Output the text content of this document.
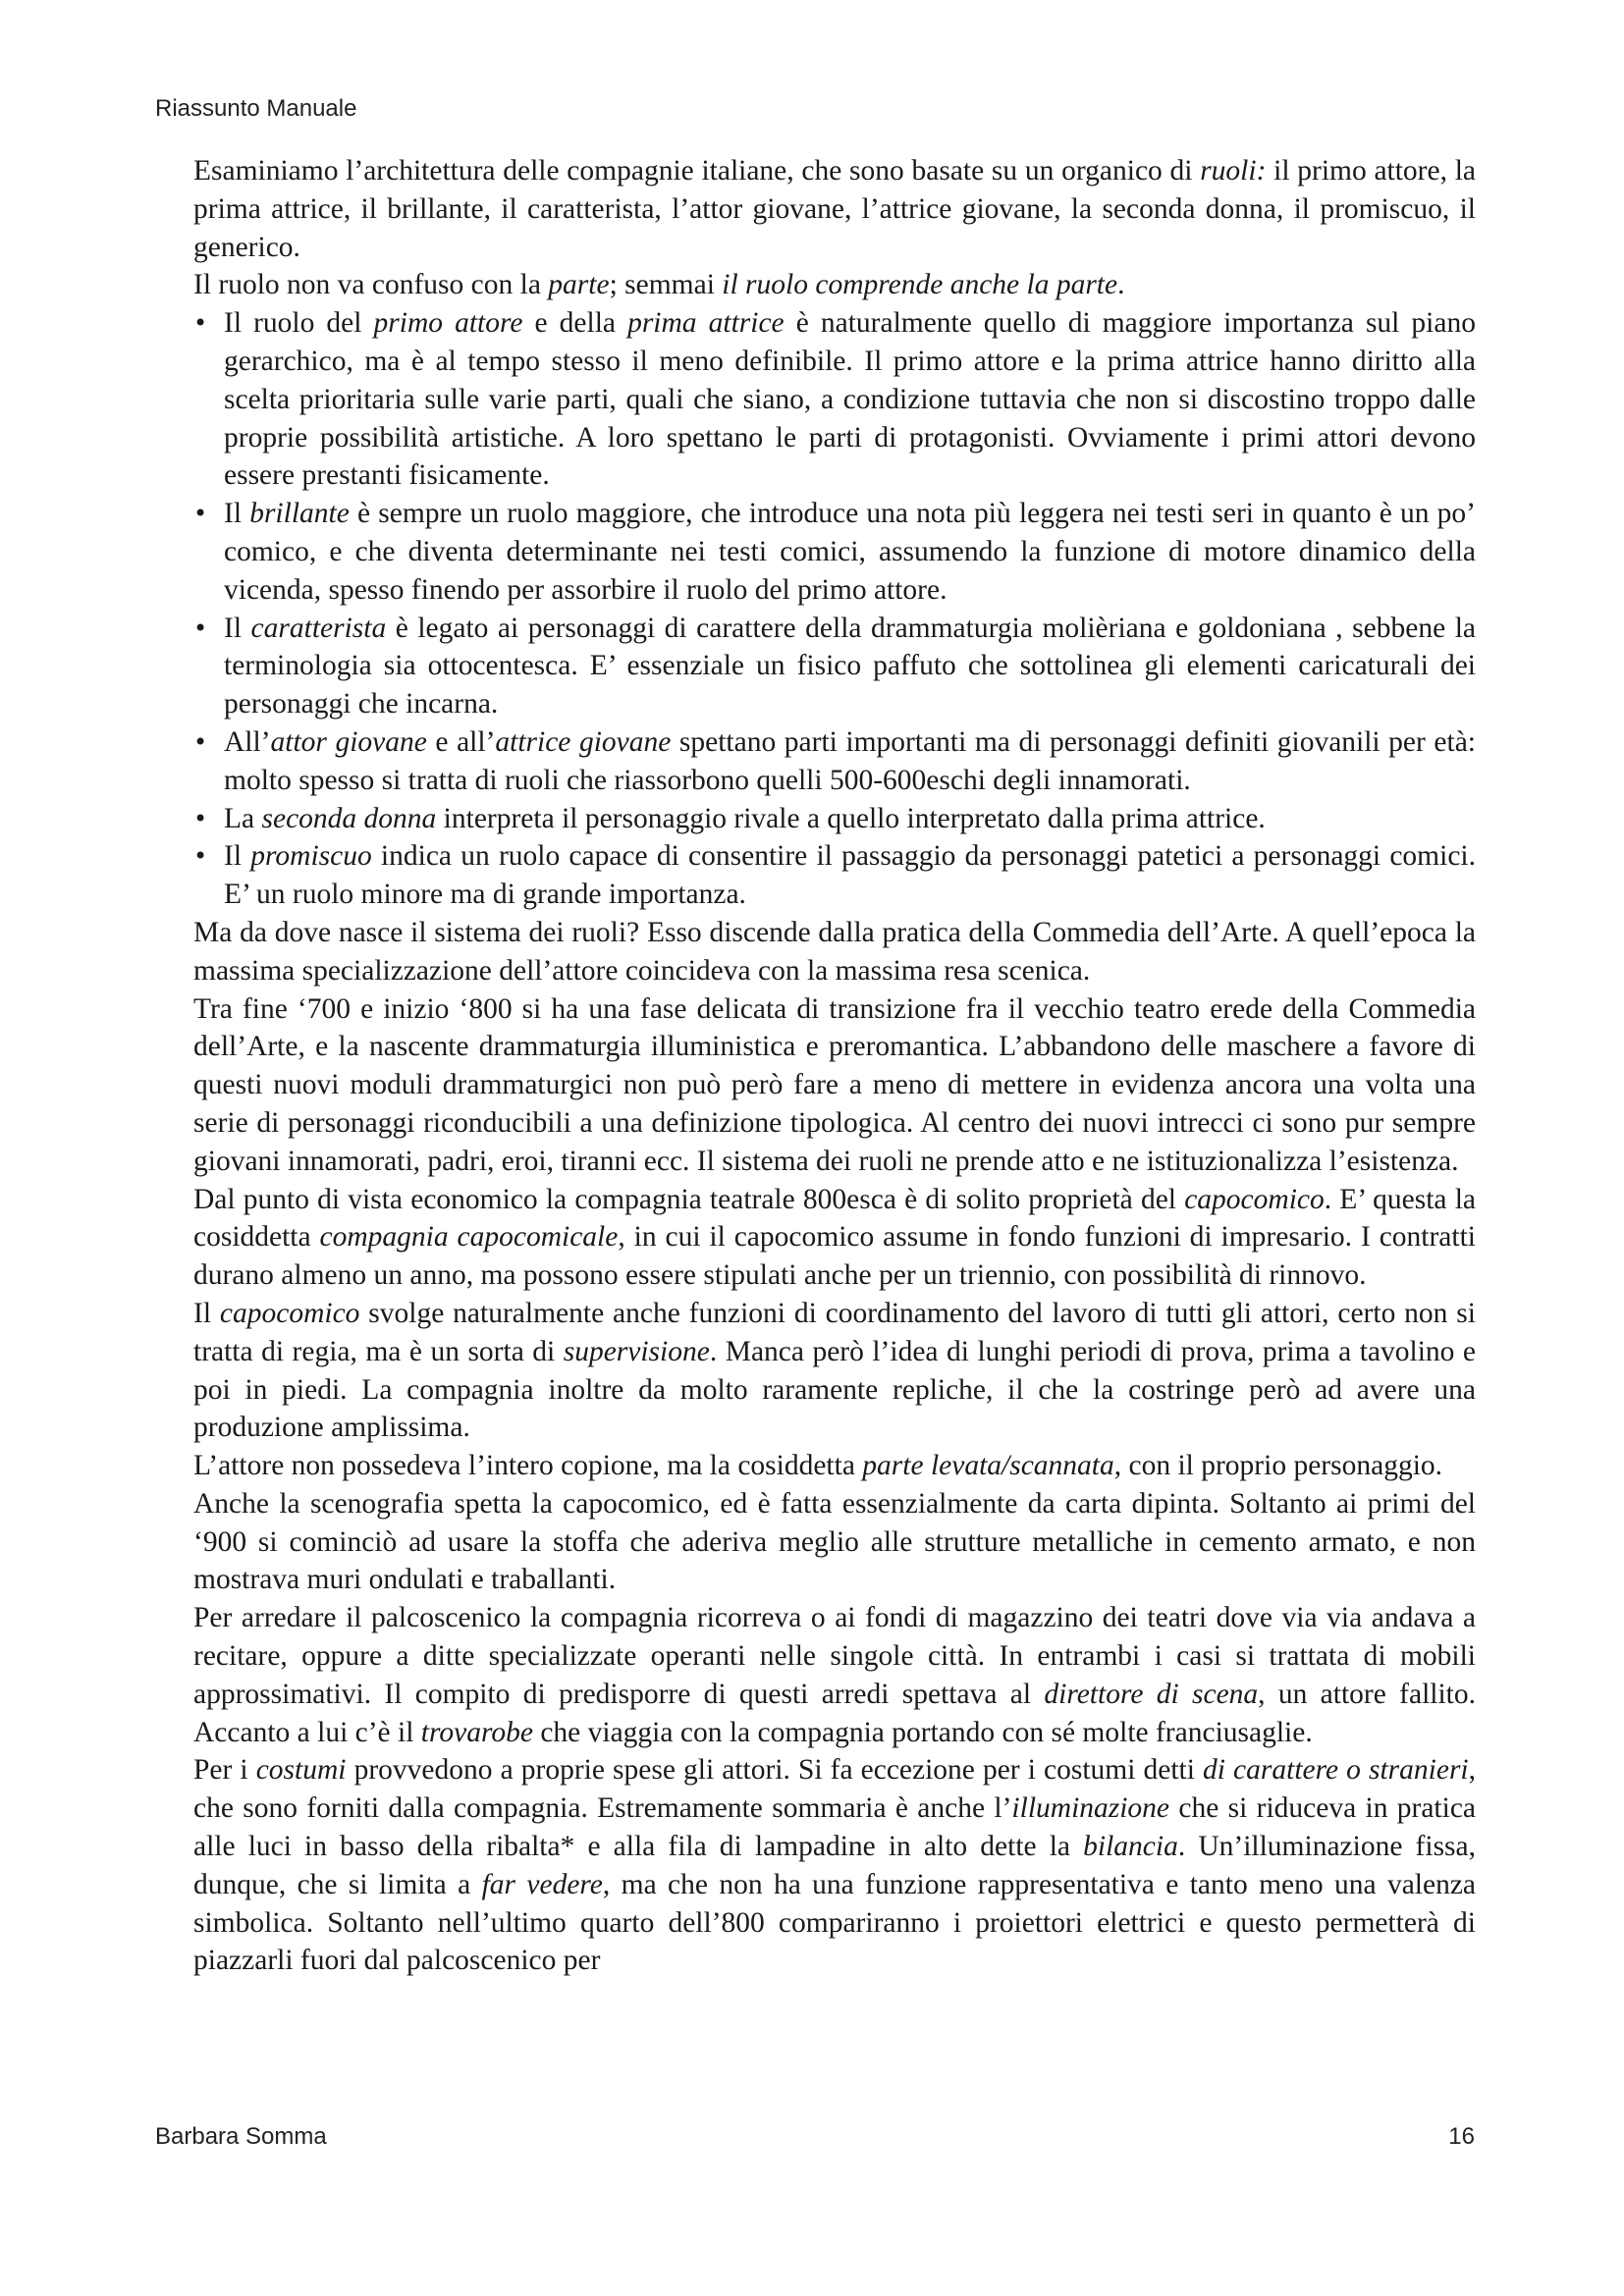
Riassunto Manuale

Esaminiamo l’architettura delle compagnie italiane, che sono basate su un organico di ruoli: il primo attore, la prima attrice, il brillante, il caratterista, l’attor giovane, l’attrice giovane, la seconda donna, il promiscuo, il generico.

Il ruolo non va confuso con la parte; semmai il ruolo comprende anche la parte.

• Il ruolo del primo attore e della prima attrice è naturalmente quello di maggiore importanza sul piano gerarchico, ma è al tempo stesso il meno definibile. Il primo attore e la prima attrice hanno diritto alla scelta prioritaria sulle varie parti, quali che siano, a condizione tuttavia che non si discostino troppo dalle proprie possibilità artistiche. A loro spettano le parti di protagonisti. Ovviamente i primi attori devono essere prestanti fisicamente.
• Il brillante è sempre un ruolo maggiore, che introduce una nota più leggera nei testi seri in quanto è un po’ comico, e che diventa determinante nei testi comici, assumendo la funzione di motore dinamico della vicenda, spesso finendo per assorbire il ruolo del primo attore.
• Il caratterista è legato ai personaggi di carattere della drammaturgia molièriana e goldoniana , sebbene la terminologia sia ottocentesca. E’ essenziale un fisico paffuto che sottolinea gli elementi caricaturali dei personaggi che incarna.
• All’attor giovane e all’attrice giovane spettano parti importanti ma di personaggi definiti giovanili per età: molto spesso si tratta di ruoli che riassorbono quelli 500-600eschi degli innamorati.
• La seconda donna interpreta il personaggio rivale a quello interpretato dalla prima attrice.
• Il promiscuo indica un ruolo capace di consentire il passaggio da personaggi patetici a personaggi comici. E’ un ruolo minore ma di grande importanza.

Ma da dove nasce il sistema dei ruoli? Esso discende dalla pratica della Commedia dell’Arte. A quell’epoca la massima specializzazione dell’attore coincideva con la massima resa scenica.

Tra fine ‘700 e inizio ‘800 si ha una fase delicata di transizione fra il vecchio teatro erede della Commedia dell’Arte, e la nascente drammaturgia illuministica e preromantica. L’abbandono delle maschere a favore di questi nuovi moduli drammaturgici non può però fare a meno di mettere in evidenza ancora una volta una serie di personaggi riconducibili a una definizione tipologica. Al centro dei nuovi intrecci ci sono pur sempre giovani innamorati, padri, eroi, tiranni ecc. Il sistema dei ruoli ne prende atto e ne istituzionalizza l’esistenza.

Dal punto di vista economico la compagnia teatrale 800esca è di solito proprietà del capocomico. E’ questa la cosiddetta compagnia capocomicale, in cui il capocomico assume in fondo funzioni di impresario. I contratti durano almeno un anno, ma possono essere stipulati anche per un triennio, con possibilità di rinnovo.

Il capocomico svolge naturalmente anche funzioni di coordinamento del lavoro di tutti gli attori, certo non si tratta di regia, ma è un sorta di supervisione. Manca però l’idea di lunghi periodi di prova, prima a tavolino e poi in piedi. La compagnia inoltre da molto raramente repliche, il che la costringe però ad avere una produzione amplissima.

L’attore non possedeva l’intero copione, ma la cosiddetta parte levata/scannata, con il proprio personaggio.

Anche la scenografia spetta la capocomico, ed è fatta essenzialmente da carta dipinta. Soltanto ai primi del ‘900 si cominciò ad usare la stoffa che aderiva meglio alle strutture metalliche in cemento armato, e non mostrava muri ondulati e traballanti.

Per arredare il palcoscenico la compagnia ricorreva o ai fondi di magazzino dei teatri dove via via andava a recitare, oppure a ditte specializzate operanti nelle singole città. In entrambi i casi si trattata di mobili approssimativi. Il compito di predisporre di questi arredi spettava al direttore di scena, un attore fallito. Accanto a lui c’è il trovarobe che viaggia con la compagnia portando con sé molte franciusaglie.

Per i costumi provvedono a proprie spese gli attori. Si fa eccezione per i costumi detti di carattere o stranieri, che sono forniti dalla compagnia. Estremamente sommaria è anche l’illuminazione che si riduceva in pratica alle luci in basso della ribalta* e alla fila di lampadine in alto dette la bilancia. Un’illuminazione fissa, dunque, che si limita a far vedere, ma che non ha una funzione rappresentativa e tanto meno una valenza simbolica. Soltanto nell’ultimo quarto dell’800 compariranno i proiettori elettrici e questo permetterà di piazzarli fuori dal palcoscenico per

Barbara Somma	16
